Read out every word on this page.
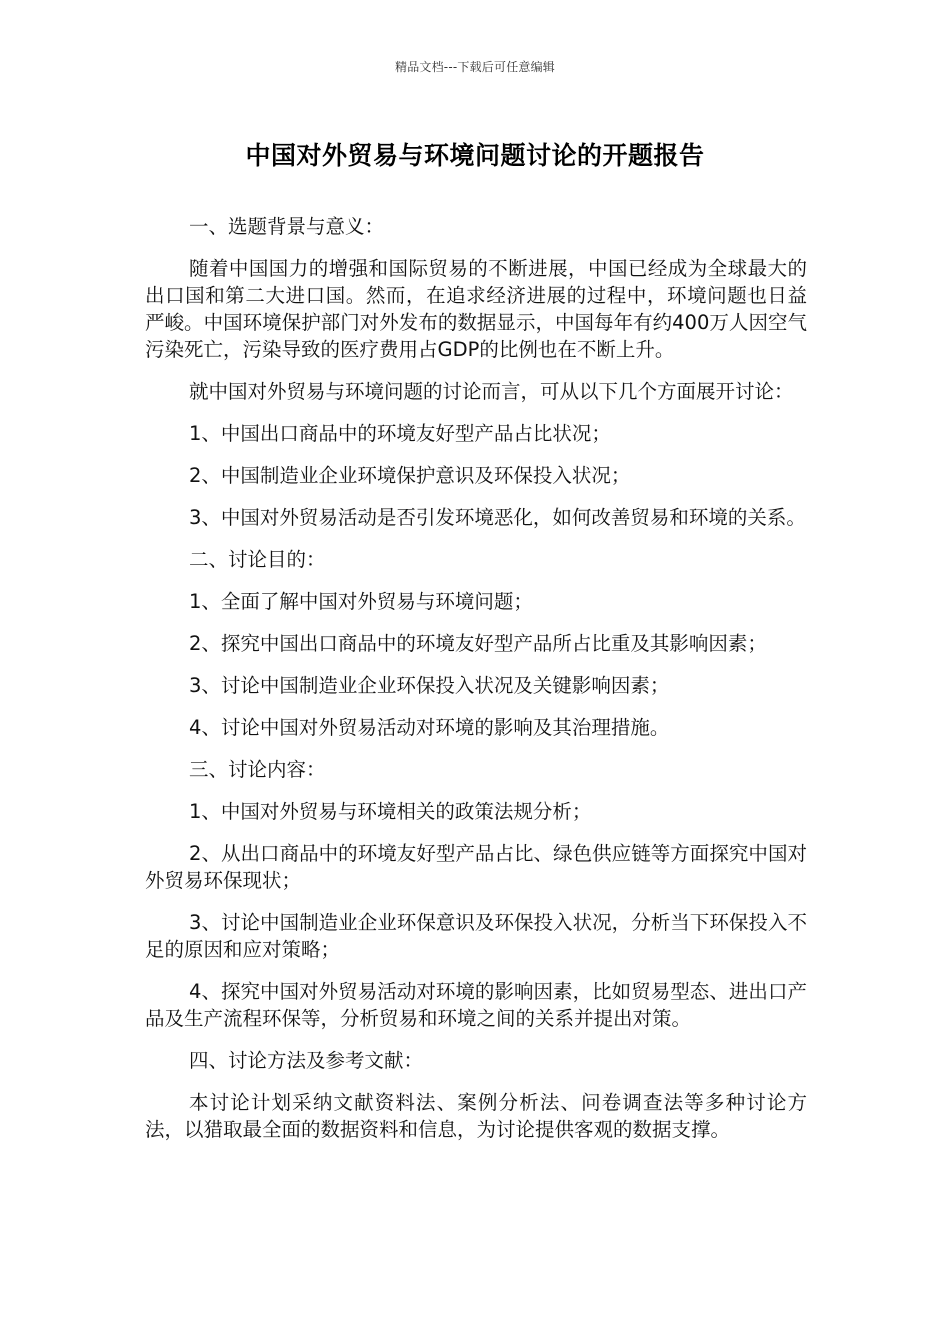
精品文档---下载后可任意编辑
中国对外贸易与环境问题讨论的开题报告

一、选题背景与意义：

随着中国国力的增强和国际贸易的不断进展，中国已经成为全球最大的出口国和第二大进口国。然而，在追求经济进展的过程中，环境问题也日益严峻。中国环境保护部门对外发布的数据显示，中国每年有约400万人因空气污染死亡，污染导致的医疗费用占GDP的比例也在不断上升。

就中国对外贸易与环境问题的讨论而言，可从以下几个方面展开讨论：

1、中国出口商品中的环境友好型产品占比状况；

2、中国制造业企业环境保护意识及环保投入状况；

3、中国对外贸易活动是否引发环境恶化，如何改善贸易和环境的关系。

二、讨论目的：

1、全面了解中国对外贸易与环境问题；

2、探究中国出口商品中的环境友好型产品所占比重及其影响因素；

3、讨论中国制造业企业环保投入状况及关键影响因素；

4、讨论中国对外贸易活动对环境的影响及其治理措施。

三、讨论内容：

1、中国对外贸易与环境相关的政策法规分析；

2、从出口商品中的环境友好型产品占比、绿色供应链等方面探究中国对外贸易环保现状；

3、讨论中国制造业企业环保意识及环保投入状况，分析当下环保投入不足的原因和应对策略；

4、探究中国对外贸易活动对环境的影响因素，比如贸易型态、进出口产品及生产流程环保等，分析贸易和环境之间的关系并提出对策。

四、讨论方法及参考文献：

本讨论计划采纳文献资料法、案例分析法、问卷调查法等多种讨论方法，以猎取最全面的数据资料和信息，为讨论提供客观的数据支撑。
